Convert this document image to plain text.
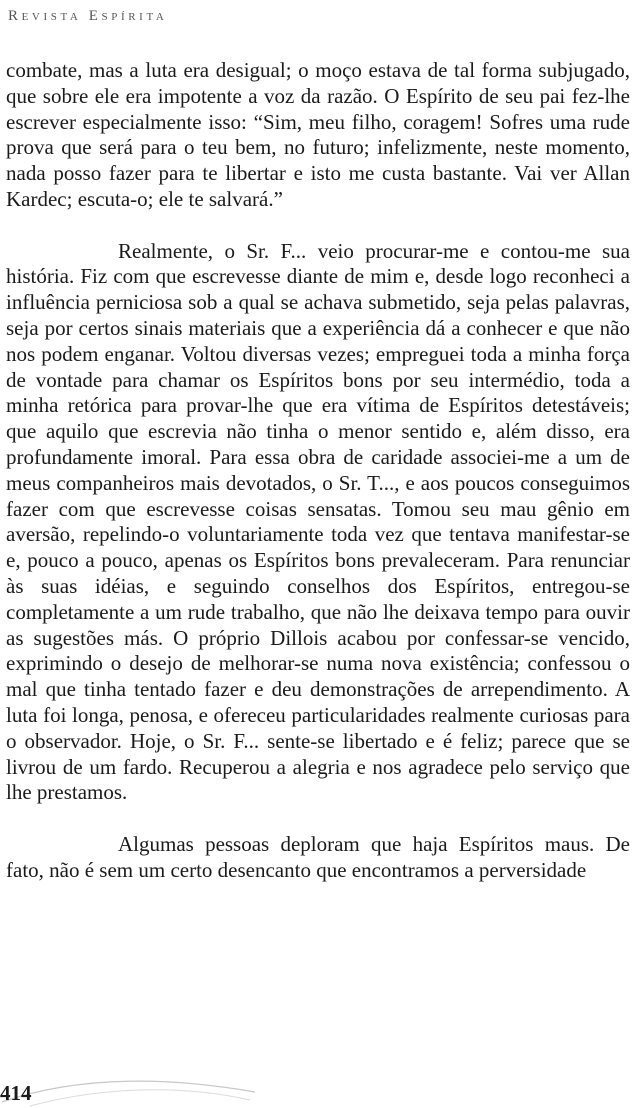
Revista Espírita

combate, mas a luta era desigual; o moço estava de tal forma subjugado, que sobre ele era impotente a voz da razão. O Espírito de seu pai fez-lhe escrever especialmente isso: “Sim, meu filho, coragem! Sofres uma rude prova que será para o teu bem, no futuro; infelizmente, neste momento, nada posso fazer para te libertar e isto me custa bastante. Vai ver Allan Kardec; escuta-o; ele te salvará.”

Realmente, o Sr. F... veio procurar-me e contou-me sua história. Fiz com que escrevesse diante de mim e, desde logo reconheci a influência perniciosa sob a qual se achava submetido, seja pelas palavras, seja por certos sinais materiais que a experiência dá a conhecer e que não nos podem enganar. Voltou diversas vezes; empreguei toda a minha força de vontade para chamar os Espíritos bons por seu intermédio, toda a minha retórica para provar-lhe que era vítima de Espíritos detestáveis; que aquilo que escrevia não tinha o menor sentido e, além disso, era profundamente imoral. Para essa obra de caridade associei-me a um de meus companheiros mais devotados, o Sr. T..., e aos poucos conseguimos fazer com que escrevesse coisas sensatas. Tomou seu mau gênio em aversão, repelindo-o voluntariamente toda vez que tentava manifestar-se e, pouco a pouco, apenas os Espíritos bons prevaleceram. Para renunciar às suas idéias, e seguindo conselhos dos Espíritos, entregou-se completamente a um rude trabalho, que não lhe deixava tempo para ouvir as sugestões más. O próprio Dillois acabou por confessar-se vencido, exprimindo o desejo de melhorar-se numa nova existência; confessou o mal que tinha tentado fazer e deu demonstrações de arrependimento. A luta foi longa, penosa, e ofereceu particularidades realmente curiosas para o observador. Hoje, o Sr. F... sente-se libertado e é feliz; parece que se livrou de um fardo. Recuperou a alegria e nos agradece pelo serviço que lhe prestamos.

Algumas pessoas deploram que haja Espíritos maus. De fato, não é sem um certo desencanto que encontramos a perversidade

414
